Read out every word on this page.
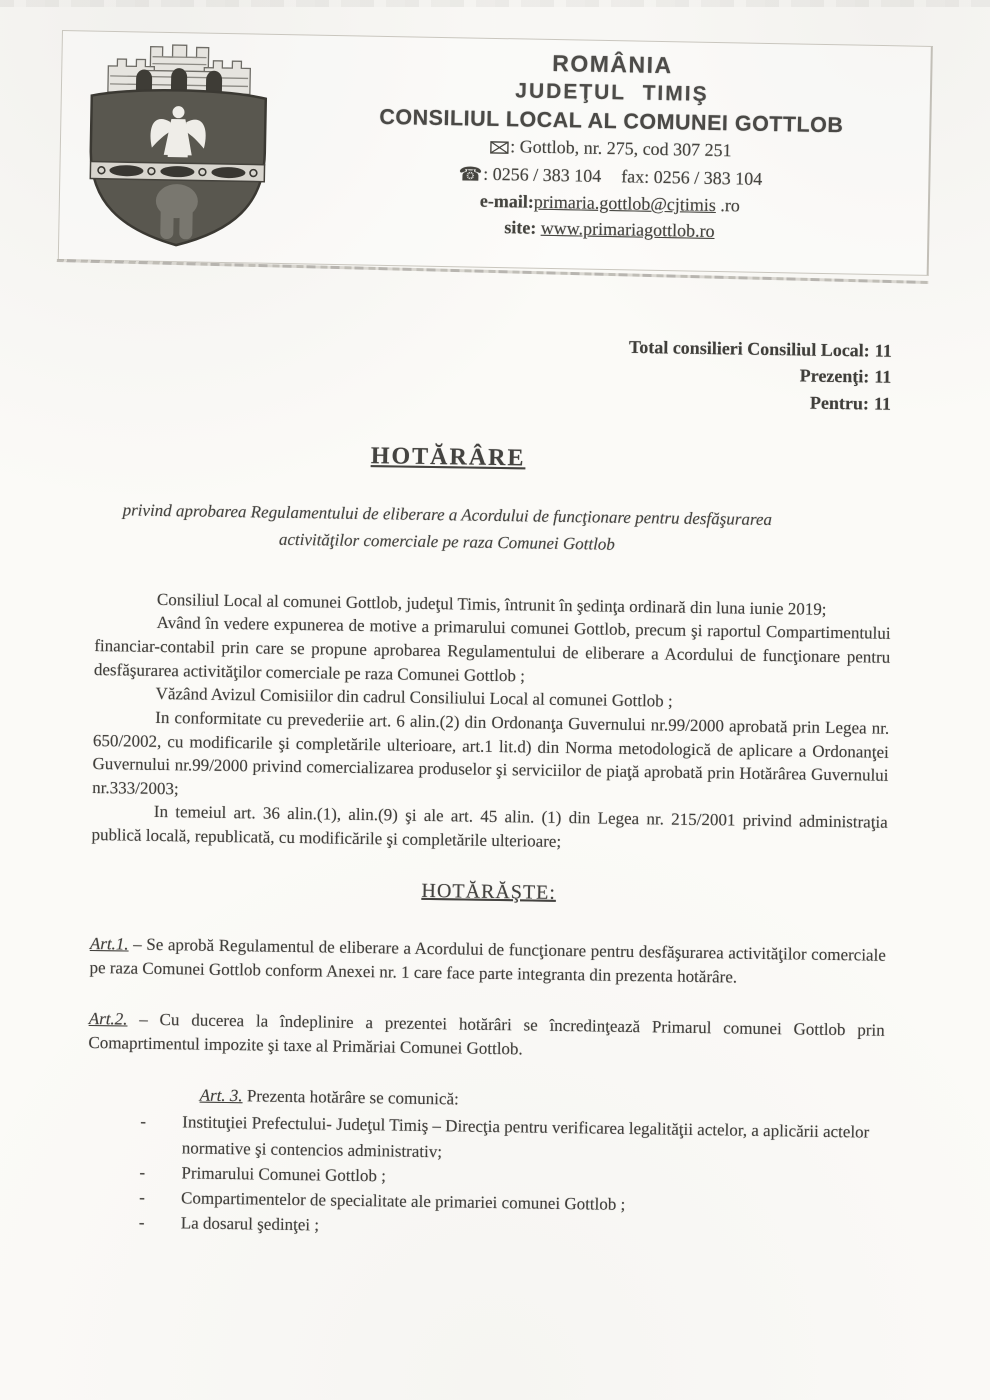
ROMÂNIA
JUDEŢUL TIMIŞ
CONSILIUL LOCAL AL COMUNEI GOTTLOB
: Gottlob, nr. 275, cod 307 251
☎: 0256 / 383 104 fax: 0256 / 383 104
e-mail:primaria.gottlob@cjtimis .ro
site: www.primariagottlob.ro
Total consilieri Consiliul Local: 11
Prezenţi: 11
Pentru: 11
HOTĂRÂRE

privind aprobarea Regulamentului de eliberare a Acordului de funcţionare pentru desfăşurarea
activităţilor comerciale pe raza Comunei Gottlob

Consiliul Local al comunei Gottlob, judeţul Timis, întrunit în şedinţa ordinară din luna iunie 2019;

Având în vedere expunerea de motive a primarului comunei Gottlob, precum şi raportul Compartimentului financiar-contabil prin care se propune aprobarea Regulamentului de eliberare a Acordului de funcţionare pentru desfăşurarea activităţilor comerciale pe raza Comunei Gottlob ;

Văzând Avizul Comisiilor din cadrul Consiliului Local al comunei Gottlob ;

In conformitate cu prevederiie art. 6 alin.(2) din Ordonanţa Guvernului nr.99/2000 aprobată prin Legea nr. 650/2002, cu modificarile şi completările ulterioare, art.1 lit.d) din Norma metodologică de aplicare a Ordonanţei Guvernului nr.99/2000 privind comercializarea produselor şi serviciilor de piaţă aprobată prin Hotărârea Guvernului nr.333/2003;

In temeiul art. 36 alin.(1), alin.(9) şi ale art. 45 alin. (1) din Legea nr. 215/2001 privind administraţia publică locală, republicată, cu modificările şi completările ulterioare;

HOTĂRĂŞTE:

Art.1. – Se aprobă Regulamentul de eliberare a Acordului de funcţionare pentru desfăşurarea activităţilor comerciale pe raza Comunei Gottlob conform Anexei nr. 1 care face parte integranta din prezenta hotărâre.

Art.2. – Cu ducerea la îndeplinire a prezentei hotărâri se încredinţează Primarul comunei Gottlob prin Comaprtimentul impozite şi taxe al Primăriai Comunei Gottlob.

Art. 3. Prezenta hotărâre se comunică:

-	Instituţiei Prefectului- Judeţul Timiş – Direcţia pentru verificarea legalităţii actelor, a aplicării actelor normative şi contencios administrativ;
-	Primarului Comunei Gottlob ;
-	Compartimentelor de specialitate ale primariei comunei Gottlob ;
-	La dosarul şedinţei ;
